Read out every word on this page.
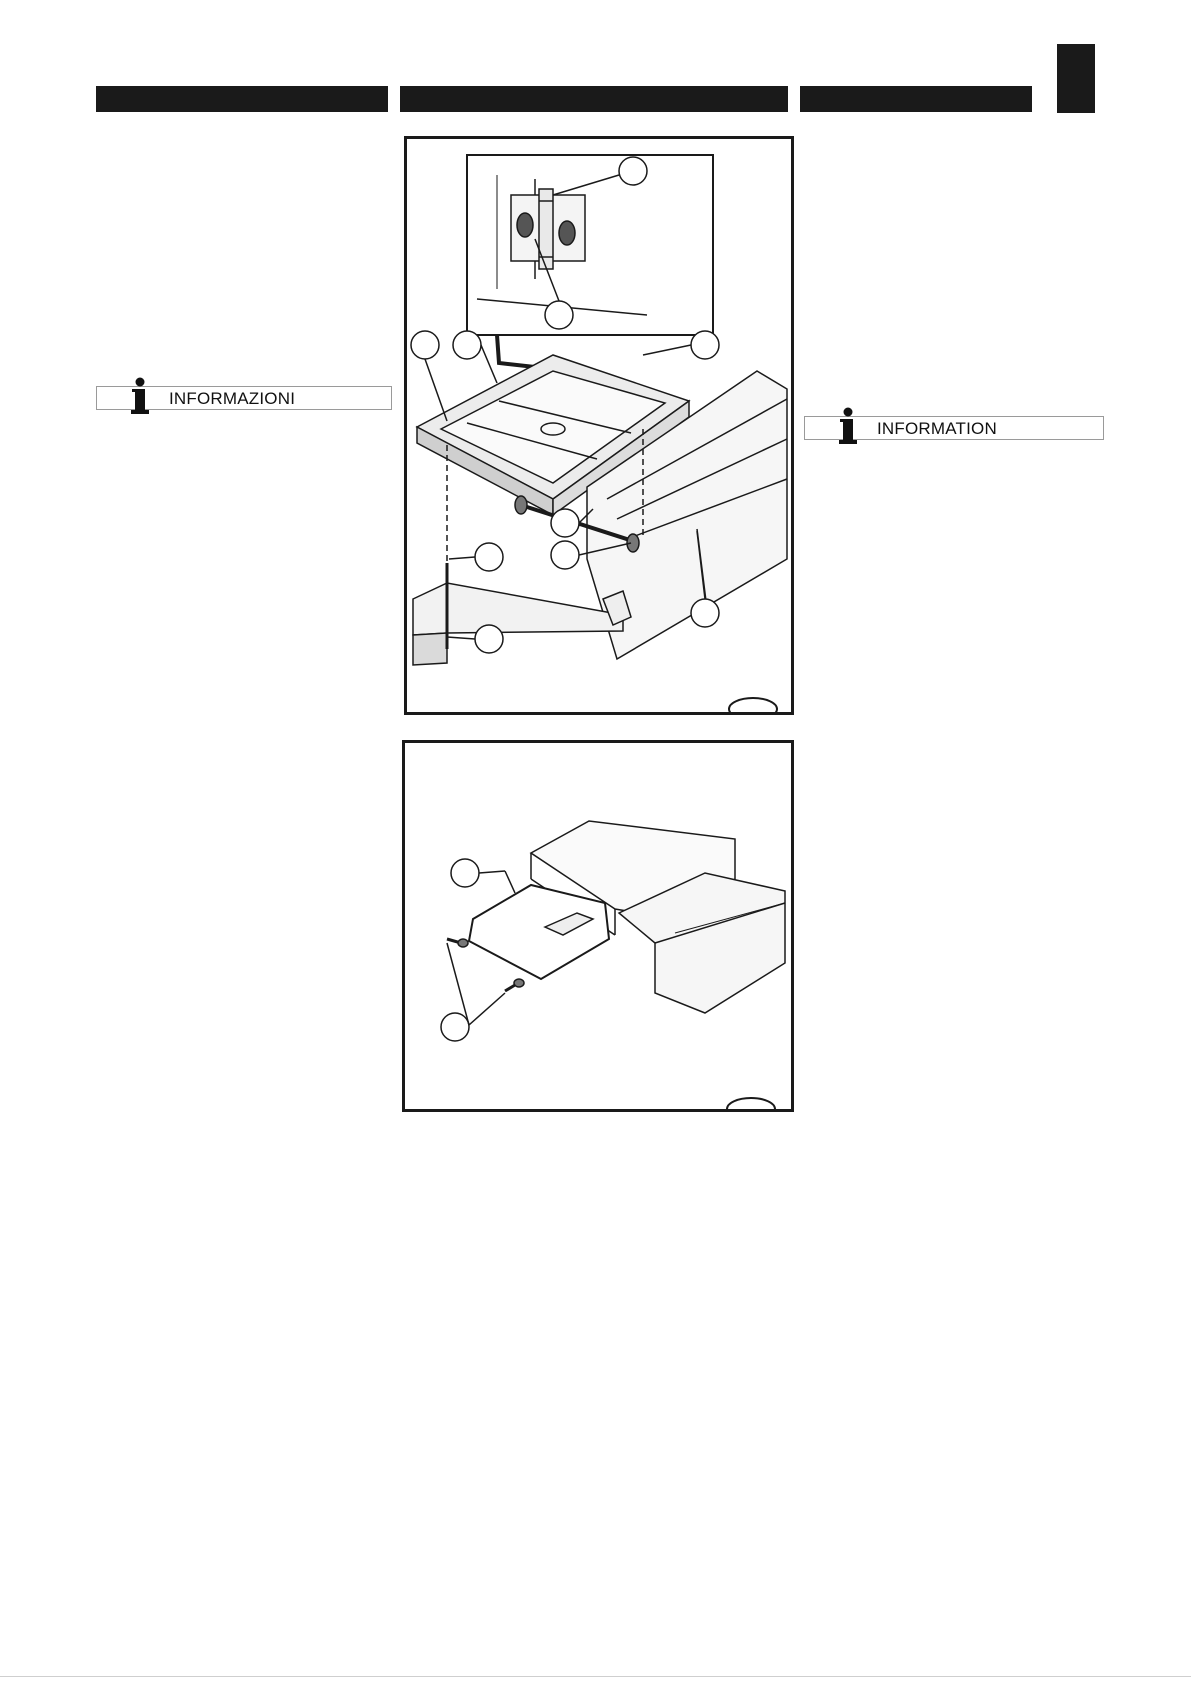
INFORMAZIONI
INFORMATION
